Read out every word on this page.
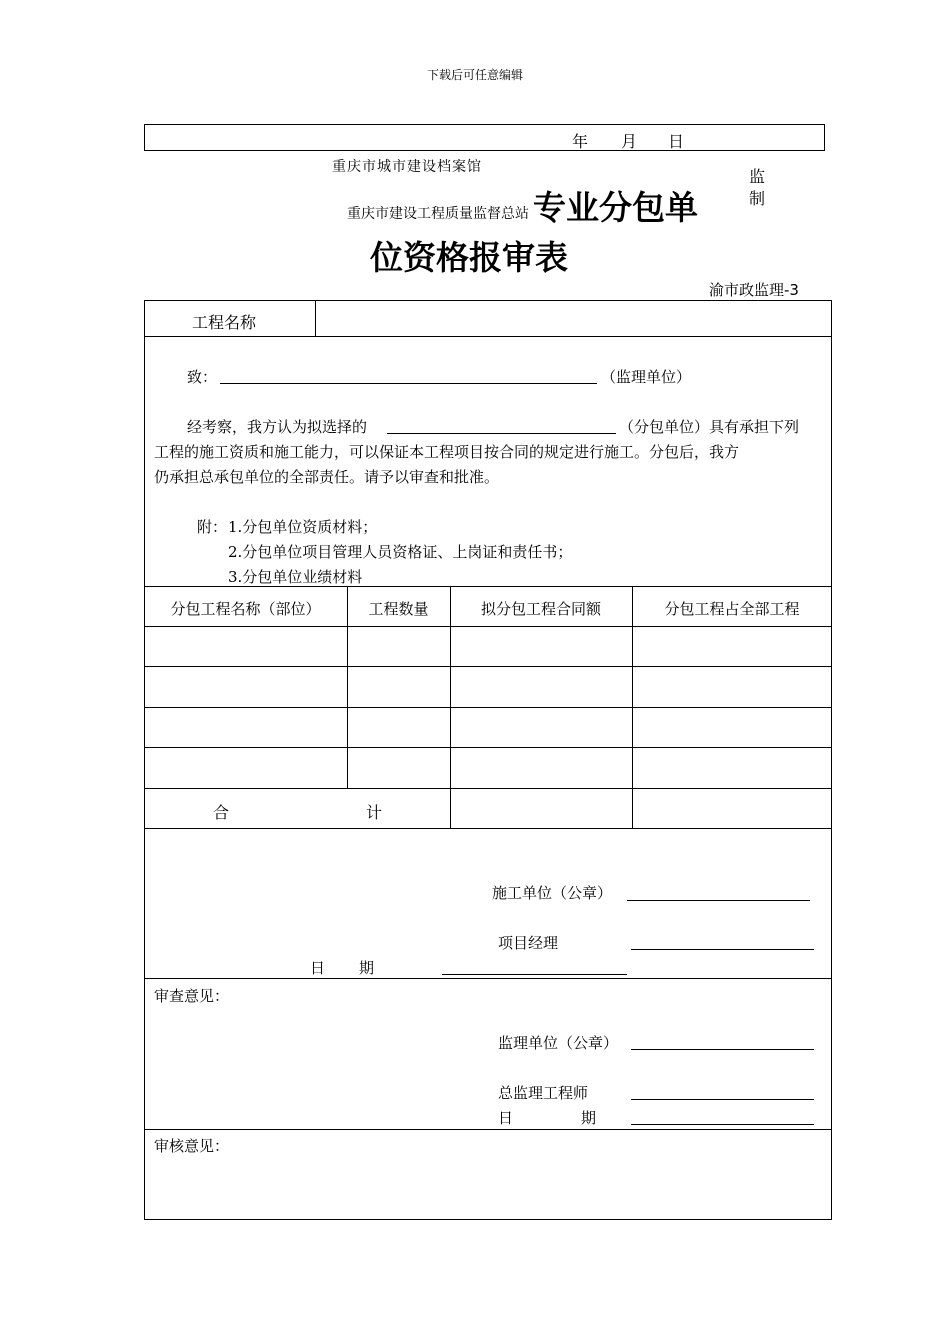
下载后可任意编辑
年 月 日
重庆市城市建设档案馆
重庆市建设工程质量监督总站
监
制
专业分包单
位资格报审表
渝市政监理-3
工程名称
致：	（监理单位）
经考察，我方认为拟选择的	（分包单位）具有承担下列
工程的施工资质和施工能力，可以保证本工程项目按合同的规定进行施工。分包后，我方
仍承担总承包单位的全部责任。请予以审查和批准。
附： 1.分包单位资质材料；
2.分包单位项目管理人员资格证、上岗证和责任书；
3.分包单位业绩材料
分包工程名称（部位）	工程数量	拟分包工程合同额	分包工程占全部工程
合	计
施工单位（公章）
项目经理
日 期
审查意见：
监理单位（公章）
总监理工程师
日	期
审核意见：
